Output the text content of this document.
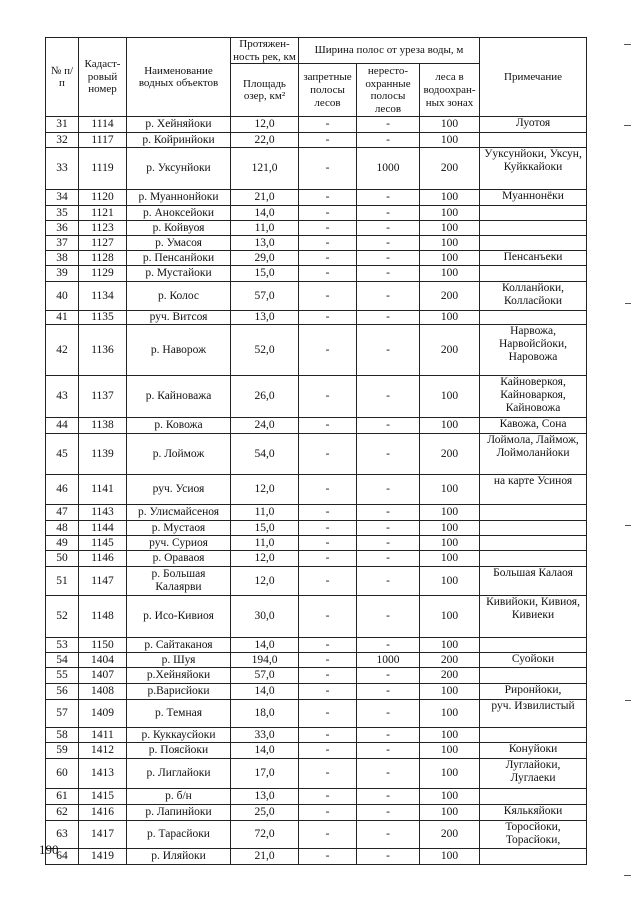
№ п/п	Кадаст-ровый номер	Наименование водных объектов	Протяжен-ность рек, км	Ширина полос от уреза воды, м			Примечание
			Площадь озер, км²	запретные полосы лесов	нересто-охранные полосы лесов	леса в водоохран-ных зонах	
31	1114	р. Хейняйоки	12,0	-	-	100	Луотоя
32	1117	р. Койринйоки	22,0	-	-	100	
33	1119	р. Уксунйоки	121,0	-	1000	200	Ууксунйоки, Уксун, Куйккайоки
34	1120	р. Муаннонйоки	21,0	-	-	100	Муаннонёки
35	1121	р. Аноксейоки	14,0	-	-	100	
36	1123	р. Койвуоя	11,0	-	-	100	
37	1127	р. Умасоя	13,0	-	-	100	
38	1128	р. Пенсанйоки	29,0	-	-	100	Пенсанъеки
39	1129	р. Мустайоки	15,0	-	-	100	
40	1134	р. Колос	57,0	-	-	200	Колланйоки, Колласйоки
41	1135	руч. Витсоя	13,0	-	-	100	
42	1136	р. Наворож	52,0	-	-	200	Нарвожа, Нарвойсйоки, Наровожа
43	1137	р. Кайноважа	26,0	-	-	100	Кайноверкоя, Кайноваркоя, Кайновожа
44	1138	р. Ковожа	24,0	-	-	100	Кавожа, Сона
45	1139	р. Лоймож	54,0	-	-	200	Лоймола, Лаймож, Лоймоланйоки
46	1141	руч. Усиоя	12,0	-	-	100	на карте Усиноя
47	1143	р. Улисмайсеноя	11,0	-	-	100	
48	1144	р. Мустаоя	15,0	-	-	100	
49	1145	руч. Суриоя	11,0	-	-	100	
50	1146	р. Ораваоя	12,0	-	-	100	
51	1147	р. Большая Калаярви	12,0	-	-	100	Большая Калаоя
52	1148	р. Исо-Кивиоя	30,0	-	-	100	Кивийоки, Кивиоя, Кивиеки
53	1150	р. Сайтаканоя	14,0	-	-	100	
54	1404	р. Шуя	194,0	-	1000	200	Суойоки
55	1407	р.Хейняйоки	57,0	-	-	200	
56	1408	р.Варисйоки	14,0	-	-	100	Риронйоки,
57	1409	р. Темная	18,0	-	-	100	руч. Извилистый
58	1411	р. Куккаусйоки	33,0	-	-	100	
59	1412	р. Поясйоки	14,0	-	-	100	Конуйоки
60	1413	р. Лиглайоки	17,0	-	-	100	Луглайоки, Луглаеки
61	1415	р. б/н	13,0	-	-	100	
62	1416	р. Лапинйоки	25,0	-	-	100	Кялькяйоки
63	1417	р. Тарасйоки	72,0	-	-	200	Торосйоки, Торасйоки,
64	1419	р. Иляйоки	21,0	-	-	100	
190
